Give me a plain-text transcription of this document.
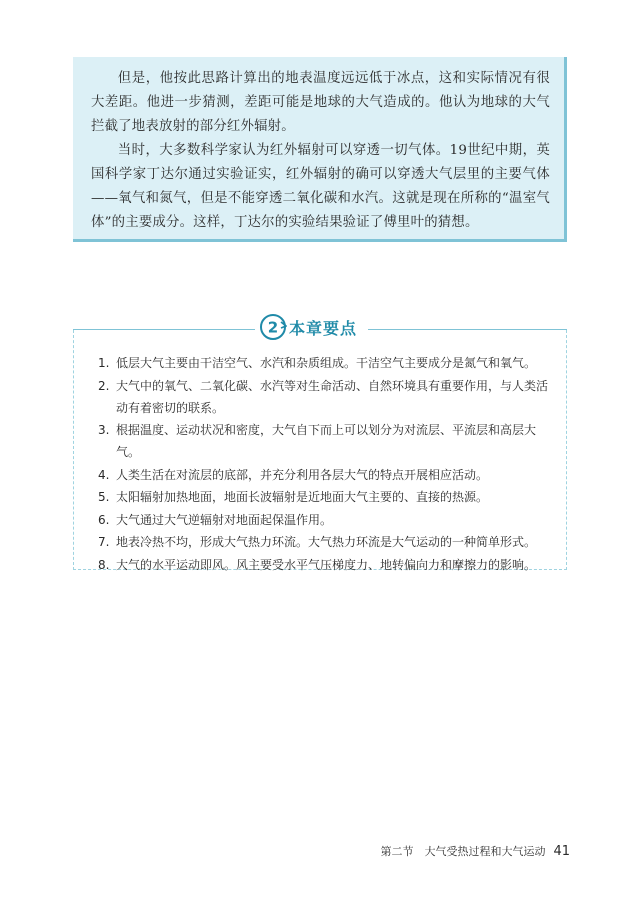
但是，他按此思路计算出的地表温度远远低于冰点，这和实际情况有很大差距。他进一步猜测，差距可能是地球的大气造成的。他认为地球的大气拦截了地表放射的部分红外辐射。

当时，大多数科学家认为红外辐射可以穿透一切气体。19世纪中期，英国科学家丁达尔通过实验证实，红外辐射的确可以穿透大气层里的主要气体——氧气和氮气，但是不能穿透二氧化碳和水汽。这就是现在所称的“温室气体”的主要成分。这样，丁达尔的实验结果验证了傅里叶的猜想。

2 本章要点
1. 低层大气主要由干洁空气、水汽和杂质组成。干洁空气主要成分是氮气和氧气。
2. 大气中的氧气、二氧化碳、水汽等对生命活动、自然环境具有重要作用，与人类活动有着密切的联系。
3. 根据温度、运动状况和密度，大气自下而上可以划分为对流层、平流层和高层大气。
4. 人类生活在对流层的底部，并充分利用各层大气的特点开展相应活动。
5. 太阳辐射加热地面，地面长波辐射是近地面大气主要的、直接的热源。
6. 大气通过大气逆辐射对地面起保温作用。
7. 地表冷热不均，形成大气热力环流。大气热力环流是大气运动的一种简单形式。
8. 大气的水平运动即风。风主要受水平气压梯度力、地转偏向力和摩擦力的影响。
第二节　大气受热过程和大气运动 41
